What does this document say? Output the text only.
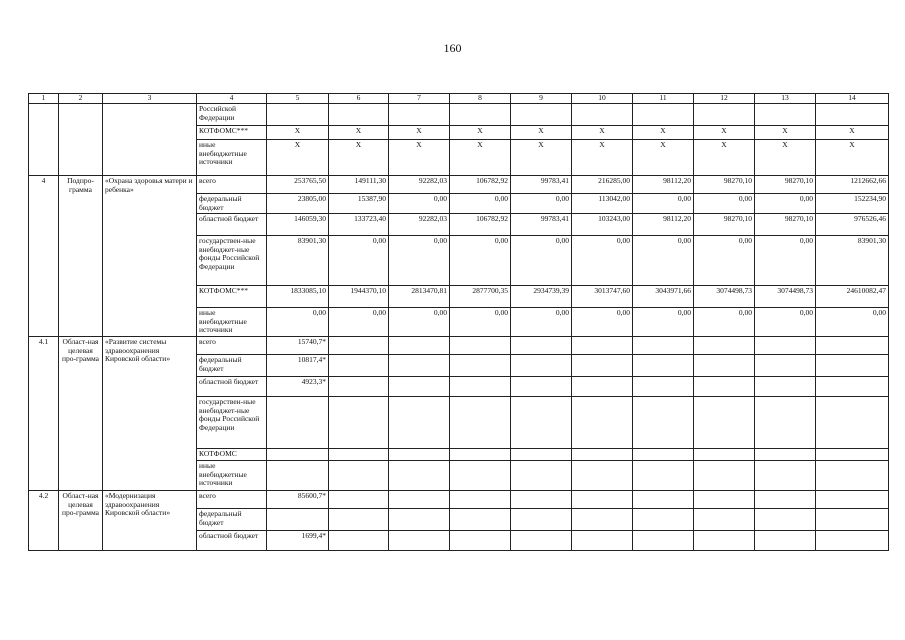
160
1	2	3	4	5	6	7	8	9	10	11	12	13	14
			Российской Федерации										
			КОТФОМС***	X	X	X	X	X	X	X	X	X	X
			иные внебюджетные источники	X	X	X	X	X	X	X	X	X	X
4	Подпро-грамма	«Охрана здоровья матери и ребенка»	всего	253765,50	149111,30	92282,03	106782,92	99783,41	216285,00	98112,20	98270,10	98270,10	1212662,66
			федеральный бюджет	23805,00	15387,90	0,00	0,00	0,00	113042,00	0,00	0,00	0,00	152234,90
			областной бюджет	146059,30	133723,40	92282,03	106782,92	99783,41	103243,00	98112,20	98270,10	98270,10	976526,46
			государствен-ные внебюджет-ные фонды Российской Федерации	83901,30	0,00	0,00	0,00	0,00	0,00	0,00	0,00	0,00	83901,30
			КОТФОМС***	1833085,10	1944370,10	2813470,81	2877700,35	2934739,39	3013747,60	3043971,66	3074498,73	3074498,73	24610082,47
			иные внебюджетные источники	0,00	0,00	0,00	0,00	0,00	0,00	0,00	0,00	0,00	0,00
4.1	Област-ная целевая про-грамма	«Развитие системы здравоохранения Кировской области»	всего	15740,7*									
			федеральный бюджет	10817,4*									
			областной бюджет	4923,3*									
			государствен-ные внебюджет-ные фонды Российской Федерации										
			КОТФОМС										
			иные внебюджетные источники										
4.2	Област-ная целевая про-грамма	«Модернизация здравоохранения Кировской области»	всего	85600,7*									
			федеральный бюджет										
			областной бюджет	1699,4*									
